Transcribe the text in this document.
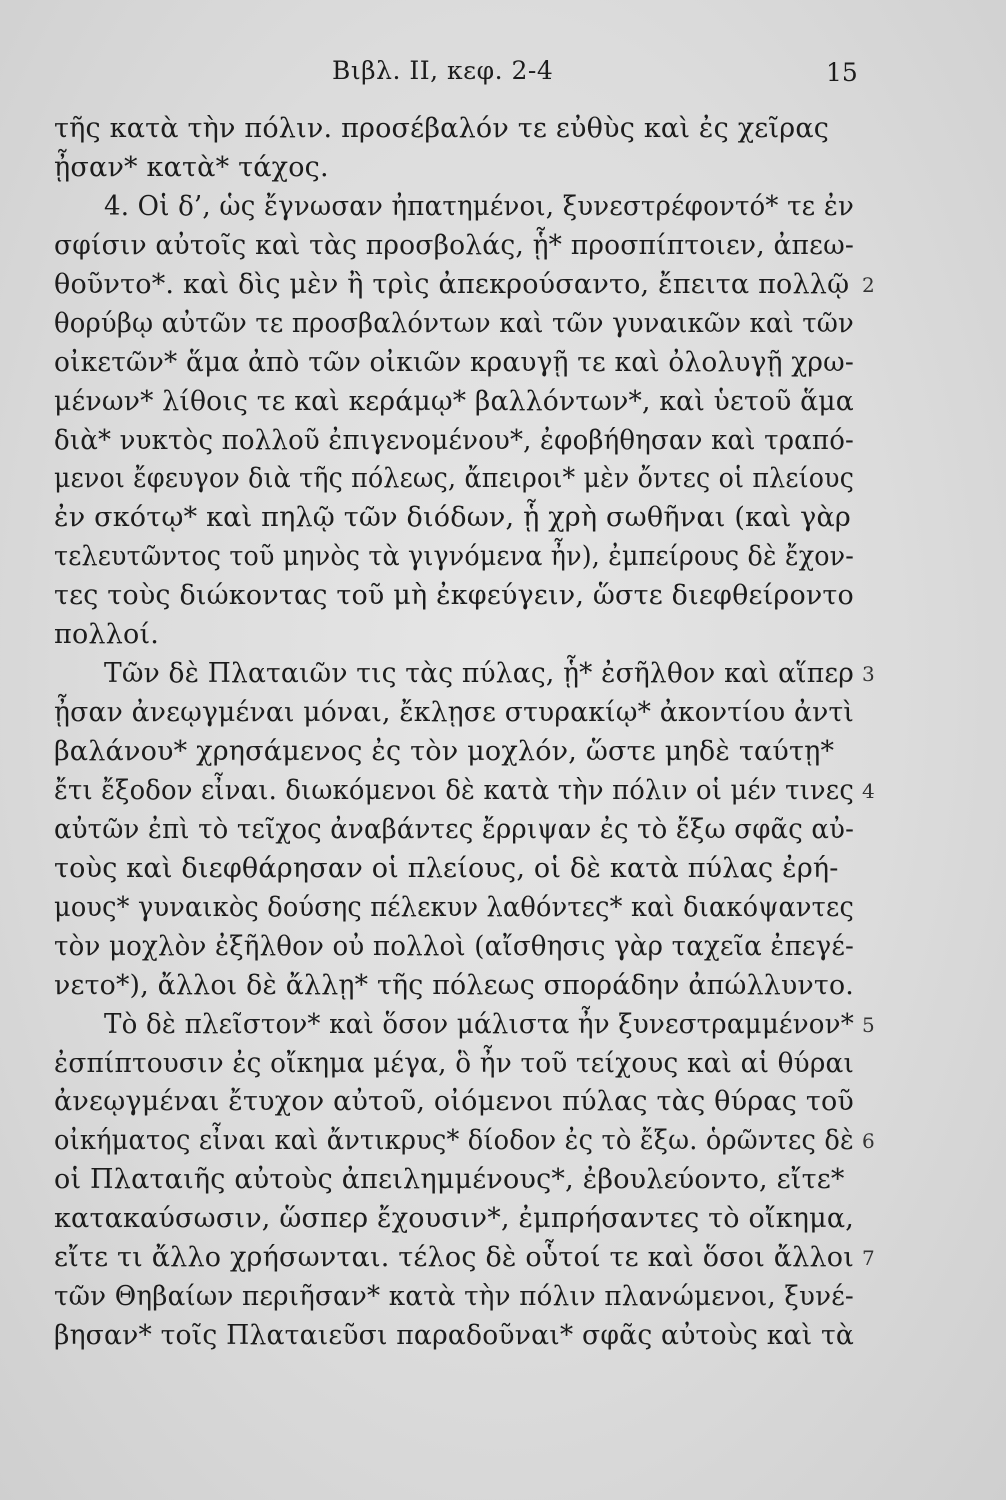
Βιβλ. ΙΙ, κεφ. 2-4	15
τῆς κατὰ τὴν πόλιν. προσέβαλόν τε εὐθὺς καὶ ἐς χεῖρας
ᾖσαν* κατὰ* τάχος.
4. Οἱ δ’, ὡς ἔγνωσαν ἠπατημένοι, ξυνεστρέφοντό* τε ἐν
σφίσιν αὐτοῖς καὶ τὰς προσβολάς, ᾗ* προσπίπτοιεν, ἀπεω-
θοῦντο*. καὶ δὶς μὲν ἢ τρὶς ἀπεκρούσαντο, ἔπειτα πολλῷ 2
θορύβῳ αὐτῶν τε προσβαλόντων καὶ τῶν γυναικῶν καὶ τῶν
οἰκετῶν* ἅμα ἀπὸ τῶν οἰκιῶν κραυγῇ τε καὶ ὀλολυγῇ χρω-
μένων* λίθοις τε καὶ κεράμῳ* βαλλόντων*, καὶ ὑετοῦ ἅμα
διὰ* νυκτὸς πολλοῦ ἐπιγενομένου*, ἐφοβήθησαν καὶ τραπό-
μενοι ἔφευγον διὰ τῆς πόλεως, ἄπειροι* μὲν ὄντες οἱ πλείους
ἐν σκότῳ* καὶ πηλῷ τῶν διόδων, ᾗ χρὴ σωθῆναι (καὶ γὰρ
τελευτῶντος τοῦ μηνὸς τὰ γιγνόμενα ἦν), ἐμπείρους δὲ ἔχον-
τες τοὺς διώκοντας τοῦ μὴ ἐκφεύγειν, ὥστε διεφθείροντο
πολλοί.
Τῶν δὲ Πλαταιῶν τις τὰς πύλας, ᾗ* ἐσῆλθον καὶ αἵπερ 3
ᾖσαν ἀνεῳγμέναι μόναι, ἔκλῃσε στυρακίῳ* ἀκοντίου ἀντὶ
βαλάνου* χρησάμενος ἐς τὸν μοχλόν, ὥστε μηδὲ ταύτῃ*
ἔτι ἔξοδον εἶναι. διωκόμενοι δὲ κατὰ τὴν πόλιν οἱ μέν τινες 4
αὐτῶν ἐπὶ τὸ τεῖχος ἀναβάντες ἔρριψαν ἐς τὸ ἔξω σφᾶς αὐ-
τοὺς καὶ διεφθάρησαν οἱ πλείους, οἱ δὲ κατὰ πύλας ἐρή-
μους* γυναικὸς δούσης πέλεκυν λαθόντες* καὶ διακόψαντες
τὸν μοχλὸν ἐξῆλθον οὐ πολλοὶ (αἴσθησις γὰρ ταχεῖα ἐπεγέ-
νετο*), ἄλλοι δὲ ἄλλῃ* τῆς πόλεως σποράδην ἀπώλλυντο.
Τὸ δὲ πλεῖστον* καὶ ὅσον μάλιστα ἦν ξυνεστραμμένον* 5
ἐσπίπτουσιν ἐς οἴκημα μέγα, ὃ ἦν τοῦ τείχους καὶ αἱ θύραι
ἀνεῳγμέναι ἔτυχον αὐτοῦ, οἰόμενοι πύλας τὰς θύρας τοῦ
οἰκήματος εἶναι καὶ ἄντικρυς* δίοδον ἐς τὸ ἔξω. ὁρῶντες δὲ 6
οἱ Πλαταιῆς αὐτοὺς ἀπειλημμένους*, ἐβουλεύοντο, εἴτε*
κατακαύσωσιν, ὥσπερ ἔχουσιν*, ἐμπρήσαντες τὸ οἴκημα,
εἴτε τι ἄλλο χρήσωνται. τέλος δὲ οὗτοί τε καὶ ὅσοι ἄλλοι 7
τῶν Θηβαίων περιῆσαν* κατὰ τὴν πόλιν πλανώμενοι, ξυνέ-
βησαν* τοῖς Πλαταιεῦσι παραδοῦναι* σφᾶς αὐτοὺς καὶ τὰ
